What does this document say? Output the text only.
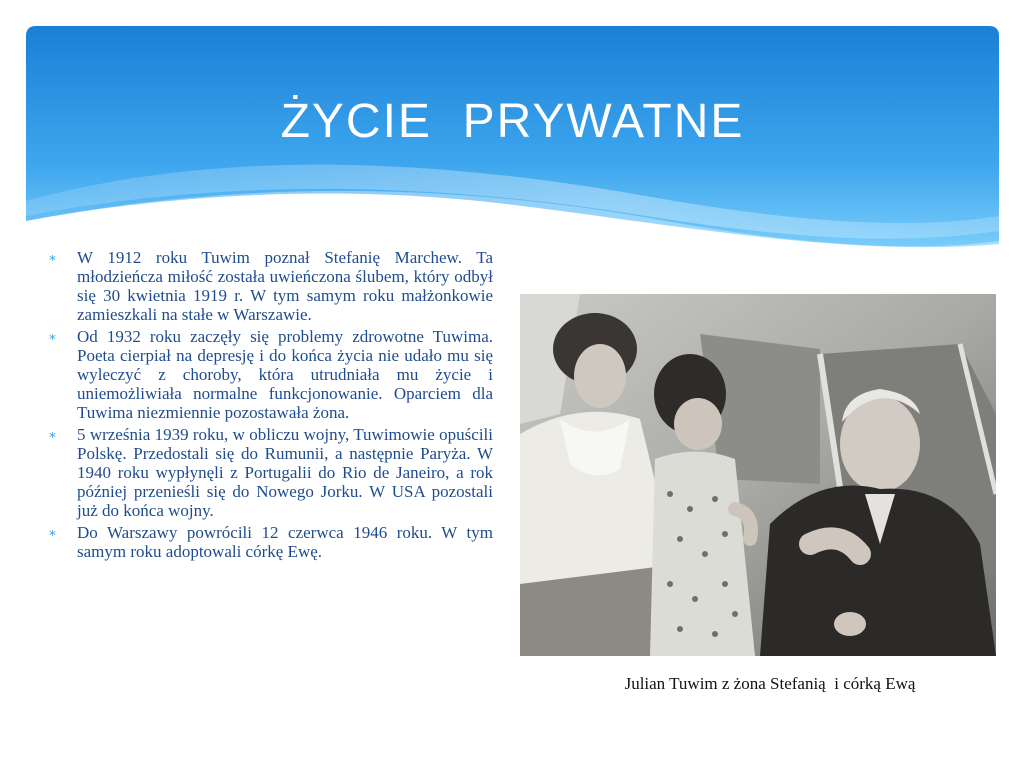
ŻYCIE  PRYWATNE
∗ W 1912 roku Tuwim poznał Stefanię Marchew. Ta młodzieńcza miłość została uwieńczona ślubem, który odbył się 30 kwietnia 1919 r. W tym samym roku małżonkowie zamieszkali na stałe w Warszawie.
∗ Od 1932 roku zaczęły się problemy zdrowotne Tuwima. Poeta cierpiał na depresję i do końca życia nie udało mu się wyleczyć z choroby, która utrudniała mu życie i uniemożliwiała normalne funkcjonowanie. Oparciem dla Tuwima niezmiennie pozostawała żona.
∗ 5 września 1939 roku, w obliczu wojny, Tuwimowie opuścili Polskę. Przedostali się do Rumunii, a następnie Paryża. W 1940 roku wypłynęli z Portugalii do Rio de Janeiro, a rok później przenieśli się do Nowego Jorku. W USA pozostali już do końca wojny.
∗ Do Warszawy powrócili 12 czerwca 1946 roku. W tym samym roku adoptowali córkę Ewę.
Julian Tuwim z żona Stefanią  i córką Ewą
